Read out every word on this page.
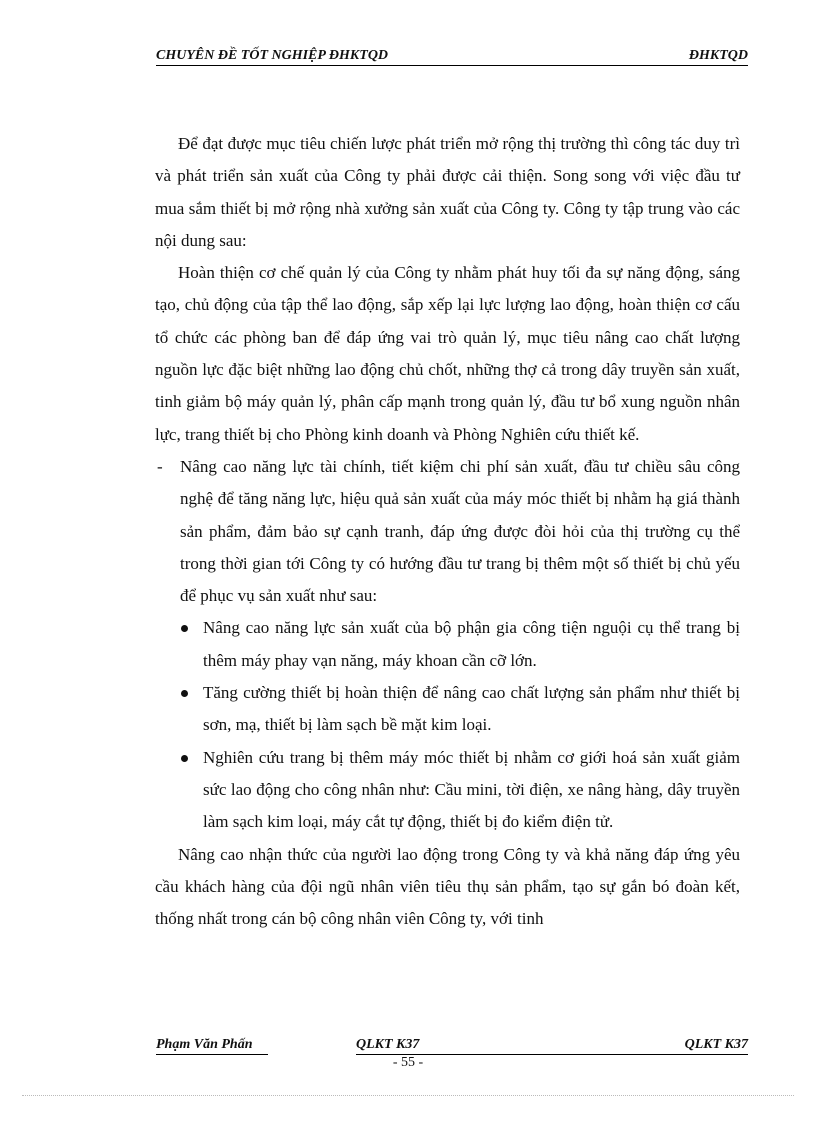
CHUYÊN ĐỀ TỐT NGHIỆP ĐHKTQD	ĐHKTQD

Để đạt được mục tiêu chiến lược phát triển mở rộng thị trường thì công tác duy trì và phát triển sản xuất của Công ty phải được cải thiện. Song song với việc đầu tư mua sắm thiết bị mở rộng nhà xưởng sản xuất của Công ty. Công ty tập trung vào các nội dung sau:

Hoàn thiện cơ chế quản lý của Công ty nhằm phát huy tối đa sự năng động, sáng tạo, chủ động của tập thể lao động, sắp xếp lại lực lượng lao động, hoàn thiện cơ cấu tổ chức các phòng ban để đáp ứng vai trò quản lý, mục tiêu nâng cao chất lượng nguồn lực đặc biệt những lao động chủ chốt, những thợ cả trong dây truyền sản xuất, tinh giảm bộ máy quản lý, phân cấp mạnh trong quản lý, đầu tư bổ xung nguồn nhân lực, trang thiết bị cho Phòng kinh doanh và Phòng Nghiên cứu thiết kế.

- Nâng cao năng lực tài chính, tiết kiệm chi phí sản xuất, đầu tư chiều sâu công nghệ để tăng năng lực, hiệu quả sản xuất của máy móc thiết bị nhằm hạ giá thành sản phẩm, đảm bảo sự cạnh tranh, đáp ứng được đòi hỏi của thị trường cụ thể trong thời gian tới Công ty có hướng đầu tư trang bị thêm một số thiết bị chủ yếu để phục vụ sản xuất như sau:
Nâng cao năng lực sản xuất của bộ phận gia công tiện nguội cụ thể trang bị thêm máy phay vạn năng, máy khoan cần cỡ lớn.
Tăng cường thiết bị hoàn thiện để nâng cao chất lượng sản phẩm như thiết bị sơn, mạ, thiết bị làm sạch bề mặt kim loại.
Nghiên cứu trang bị thêm máy móc thiết bị nhằm cơ giới hoá sản xuất giảm sức lao động cho công nhân như: Cầu mini, tời điện, xe nâng hàng, dây truyền làm sạch kim loại, máy cắt tự động, thiết bị đo kiểm điện tử.

Nâng cao nhận thức của người lao động trong Công ty và khả năng đáp ứng yêu cầu khách hàng của đội ngũ nhân viên tiêu thụ sản phẩm, tạo sự gắn bó đoàn kết, thống nhất trong cán bộ công nhân viên Công ty, với tinh

Phạm Văn Phấn	QLKT K37	QLKT K37
- 55 -
